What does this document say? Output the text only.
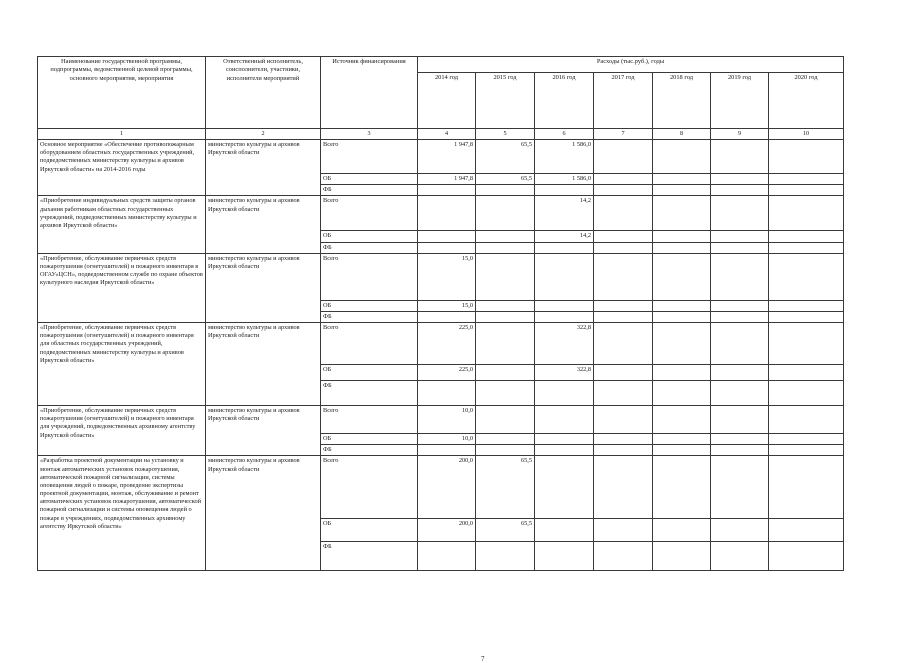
Наименование государственной программы, подпрограммы, ведомственной целевой программы, основного мероприятия, мероприятия	Ответственный исполнитель, соисполнители, участники, исполнители мероприятий	Источник финансирования	Расходы (тыс.руб.), годы						
			2014 год	2015 год	2016 год	2017 год	2018 год	2019 год	2020 год
1	2	3	4	5	6	7	8	9	10
Основное мероприятие «Обеспечение противопожарным оборудованием областных государственных учреждений, подведомственных министерству культуры и архивов Иркутской области» на 2014-2016 годы	министерство культуры и архивов Иркутской области	Всего	1 947,8	65,5	1 586,0				
		ОБ	1 947,8	65,5	1 586,0				
		ФБ							
«Приобретение индивидуальных средств защиты органов дыхания работникам областных государственных учреждений, подведомственных министерству культуры и архивов Иркутской области»	министерство культуры и архивов Иркутской области	Всего			14,2				
		ОБ			14,2				
		ФБ							
«Приобретение, обслуживание первичных средств пожаротушения (огнетушителей) и пожарного инвентаря в ОГАУ«ЦСН», подведомственном службе по охране объектов культурного наследия Иркутской области»	министерство культуры и архивов Иркутской области	Всего	15,0						
		ОБ	15,0						
		ФБ							
«Приобретение, обслуживание первичных средств пожаротушения (огнетушителей) и пожарного инвентаря для областных государственных учреждений, подведомственных министерству культуры и архивов Иркутской области»	министерство культуры и архивов Иркутской области	Всего	225,0		322,8				
		ОБ	225,0		322,8				
		ФБ							
«Приобретение, обслуживание первичных средств пожаротушения (огнетушителей) и пожарного инвентаря для учреждений, подведомственных архивному агентству Иркутской области»	министерство культуры и архивов Иркутской области	Всего	10,0						
		ОБ	10,0						
		ФБ							
«Разработка проектной документации на установку и монтаж автоматических установок пожаротушения, автоматической пожарной сигнализации, системы оповещения людей о пожаре, проведение экспертизы проектной документации, монтаж, обслуживание и ремонт автоматических установок пожаротушения, автоматической пожарной сигнализации и системы оповещения людей о пожаре в учреждениях, подведомственных архивному агентству Иркутской области»	министерство культуры и архивов Иркутской области	Всего	200,0	65,5					
		ОБ	200,0	65,5					
		ФБ							
7
